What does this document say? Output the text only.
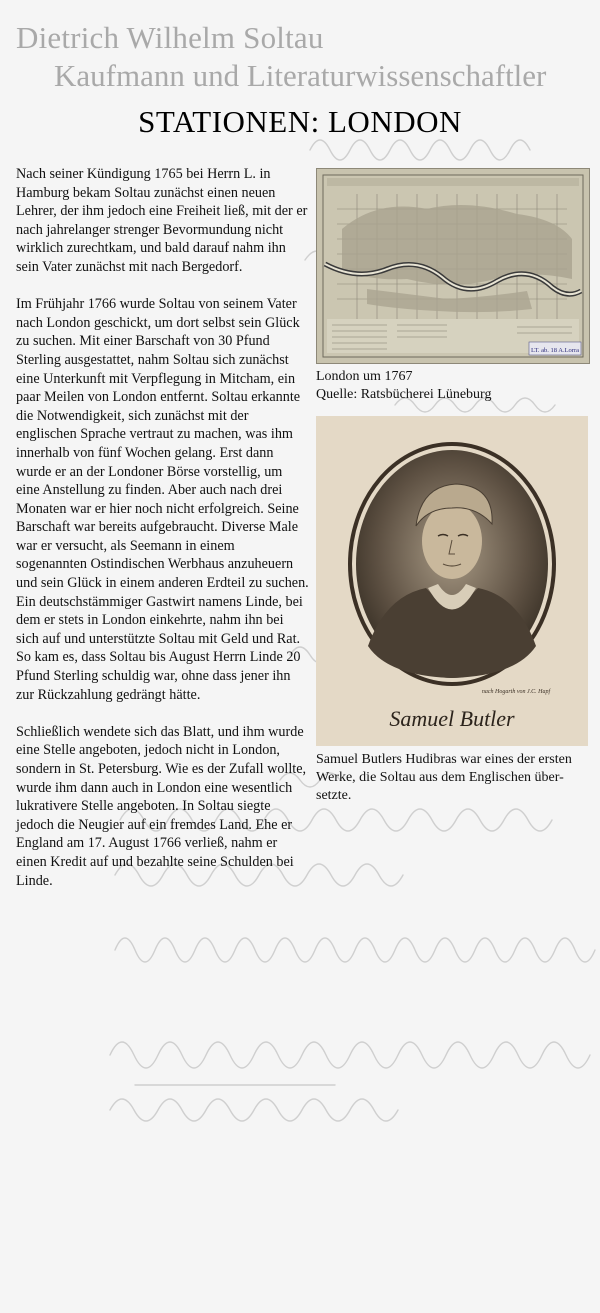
Dietrich Wilhelm Soltau
Kaufmann und Literaturwissenschaftler
STATIONEN: LONDON

Nach seiner Kündigung 1765 bei Herrn L. in Hamburg bekam Soltau zunächst einen neuen Lehrer, der ihm jedoch eine Freiheit ließ, mit der er nach jahrelanger strenger Bevormundung nicht wirklich zurechtkam, und bald darauf nahm ihn sein Vater zunächst mit nach Bergedorf.

Im Frühjahr 1766 wurde Soltau von seinem Vater nach London geschickt, um dort selbst sein Glück zu suchen. Mit einer Barschaft von 30 Pfund Sterling ausgestattet, nahm Soltau sich zunächst eine Unterkunft mit Verpflegung in Mitcham, ein paar Meilen von London entfernt. Soltau erkannte die Notwendigkeit, sich zunächst mit der englischen Sprache vertraut zu machen, was ihm innerhalb von fünf Wochen gelang. Erst dann wurde er an der Londoner Börse vorstellig, um eine Anstellung zu finden. Aber auch nach drei Monaten war er hier noch nicht erfolgreich. Seine Barschaft war bereits aufgebraucht. Diverse Male war er versucht, als Seemann in einem sogenannten Ostindischen Werbhaus anzuheuern und sein Glück in einem anderen Erdteil zu suchen. Ein deutschstämmiger Gastwirt namens Linde, bei dem er stets in London einkehrte, nahm ihn bei sich auf und unterstützte Soltau mit Geld und Rat. So kam es, dass Soltau bis August Herrn Linde 20 Pfund Sterling schuldig war, ohne dass jener ihn zur Rückzahlung gedrängt hätte.

Schließlich wendete sich das Blatt, und ihm wurde eine Stelle angeboten, jedoch nicht in London, sondern in St. Petersburg. Wie es der Zufall wollte, wurde ihm dann auch in London eine wesentlich lukrativere Stelle angeboten. In Soltau siegte jedoch die Neugier auf ein fremdes Land. Ehe er England am 17. August 1766 verließ, nahm er einen Kredit auf und bezahlte seine Schulden bei Linde.

LT. ab. 18 A.Lorra
London um 1767
Quelle: Ratsbücherei Lüneburg
nach Hogarth von J.C. Hapf
Samuel Butler
Samuel Butlers Hudibras war eines der ersten
Werke, die Soltau aus dem Englischen über-
setzte.
